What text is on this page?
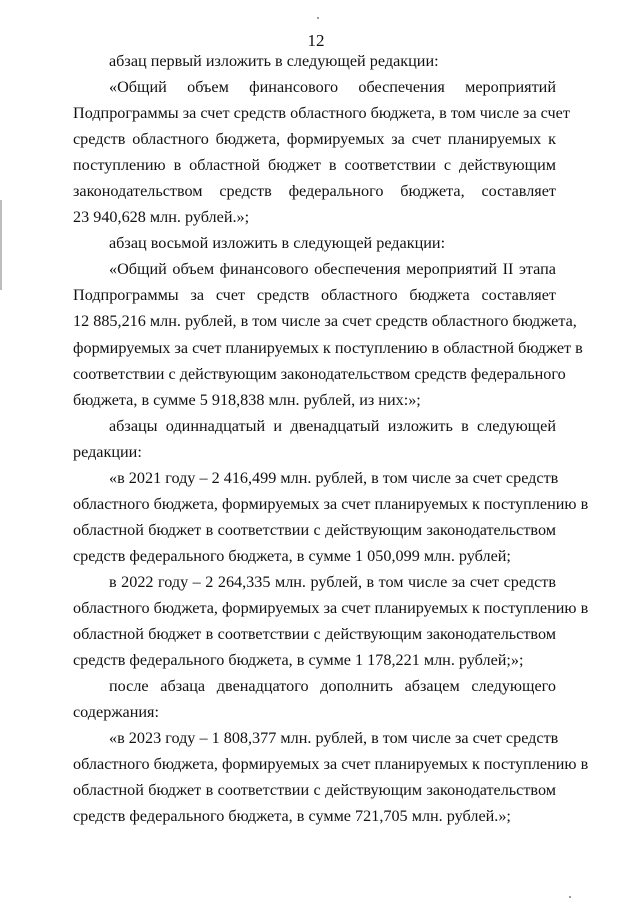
12
абзац первый изложить в следующей редакции:
«Общий объем финансового обеспечения мероприятий
Подпрограммы за счет средств областного бюджета, в том числе за счет
средств областного бюджета, формируемых за счет планируемых к
поступлению в областной бюджет в соответствии с действующим
законодательством средств федерального бюджета, составляет
23 940,628 млн. рублей.»;
абзац восьмой изложить в следующей редакции:
«Общий объем финансового обеспечения мероприятий II этапа
Подпрограммы за счет средств областного бюджета составляет
12 885,216 млн. рублей, в том числе за счет средств областного бюджета,
формируемых за счет планируемых к поступлению в областной бюджет в
соответствии с действующим законодательством средств федерального
бюджета, в сумме 5 918,838 млн. рублей, из них:»;
абзацы одиннадцатый и двенадцатый изложить в следующей
редакции:
«в 2021 году – 2 416,499 млн. рублей, в том числе за счет средств
областного бюджета, формируемых за счет планируемых к поступлению в
областной бюджет в соответствии с действующим законодательством
средств федерального бюджета, в сумме 1 050,099 млн. рублей;
в 2022 году – 2 264,335 млн. рублей, в том числе за счет средств
областного бюджета, формируемых за счет планируемых к поступлению в
областной бюджет в соответствии с действующим законодательством
средств федерального бюджета, в сумме 1 178,221 млн. рублей;»;
после абзаца двенадцатого дополнить абзацем следующего
содержания:
«в 2023 году – 1 808,377 млн. рублей, в том числе за счет средств
областного бюджета, формируемых за счет планируемых к поступлению в
областной бюджет в соответствии с действующим законодательством
средств федерального бюджета, в сумме 721,705 млн. рублей.»;
